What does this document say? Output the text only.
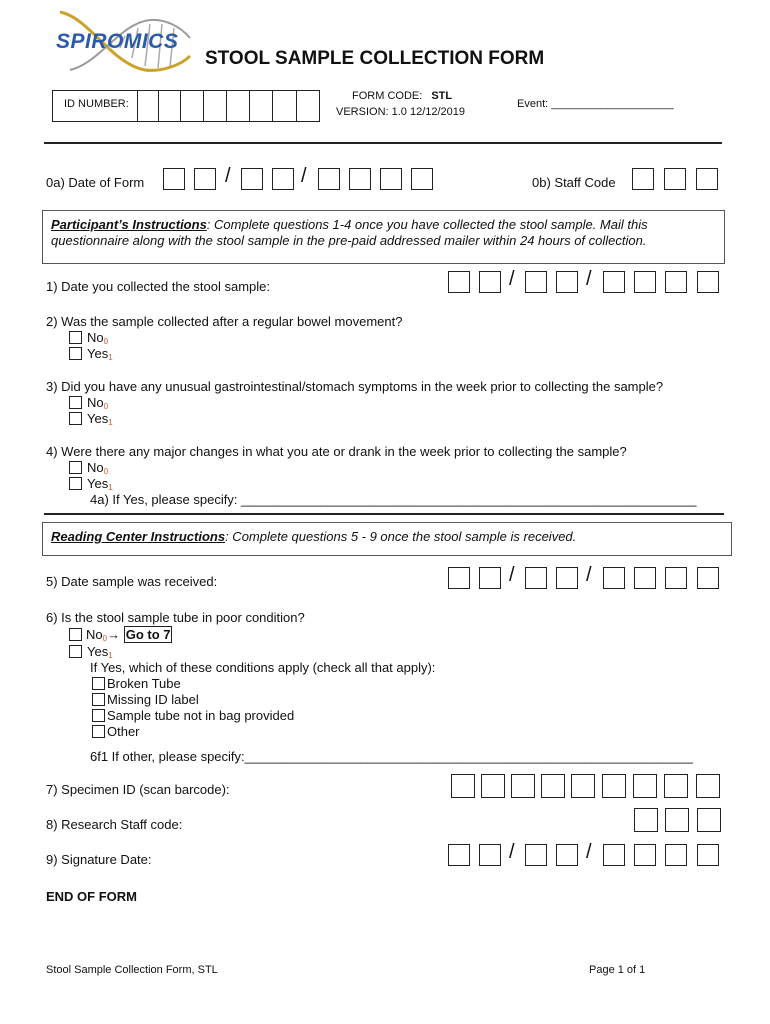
SPIROMICS
STOOL SAMPLE COLLECTION FORM
ID NUMBER:
FORM CODE: STL
VERSION: 1.0 12/12/2019
Event: ____________________
0a) Date of Form	/	/	0b) Staff Code
Participant’s Instructions: Complete questions 1-4 once you have collected the stool sample. Mail this questionnaire along with the stool sample in the pre-paid addressed mailer within 24 hours of collection.
1) Date you collected the stool sample:	/	/
2) Was the sample collected after a regular bowel movement?
$No_0$
Yes$_1$
3) Did you have any unusual gastrointestinal/stomach symptoms in the week prior to collecting the sample?
$No_0$
Yes$_1$
4) Were there any major changes in what you ate or drank in the week prior to collecting the sample?
$No_0$
Yes$_1$
4a) If Yes, please specify: _______________________________________________________________
Reading Center Instructions: Complete questions 5 - 9 once the stool sample is received.
5) Date sample was received:	/	/
6) Is the stool sample tube in poor condition?
$No_0\to Go$ to 7
Yes$_1$
If Yes, which of these conditions apply (check all that apply):
Broken Tube
Missing ID label
Sample tube not in bag provided
Other
6f1 If other, please specify:______________________________________________________________
7) Specimen ID (scan barcode):
8) Research Staff code:
9) Signature Date:	/	/
END OF FORM
Stool Sample Collection Form, STL	Page 1 of 1
